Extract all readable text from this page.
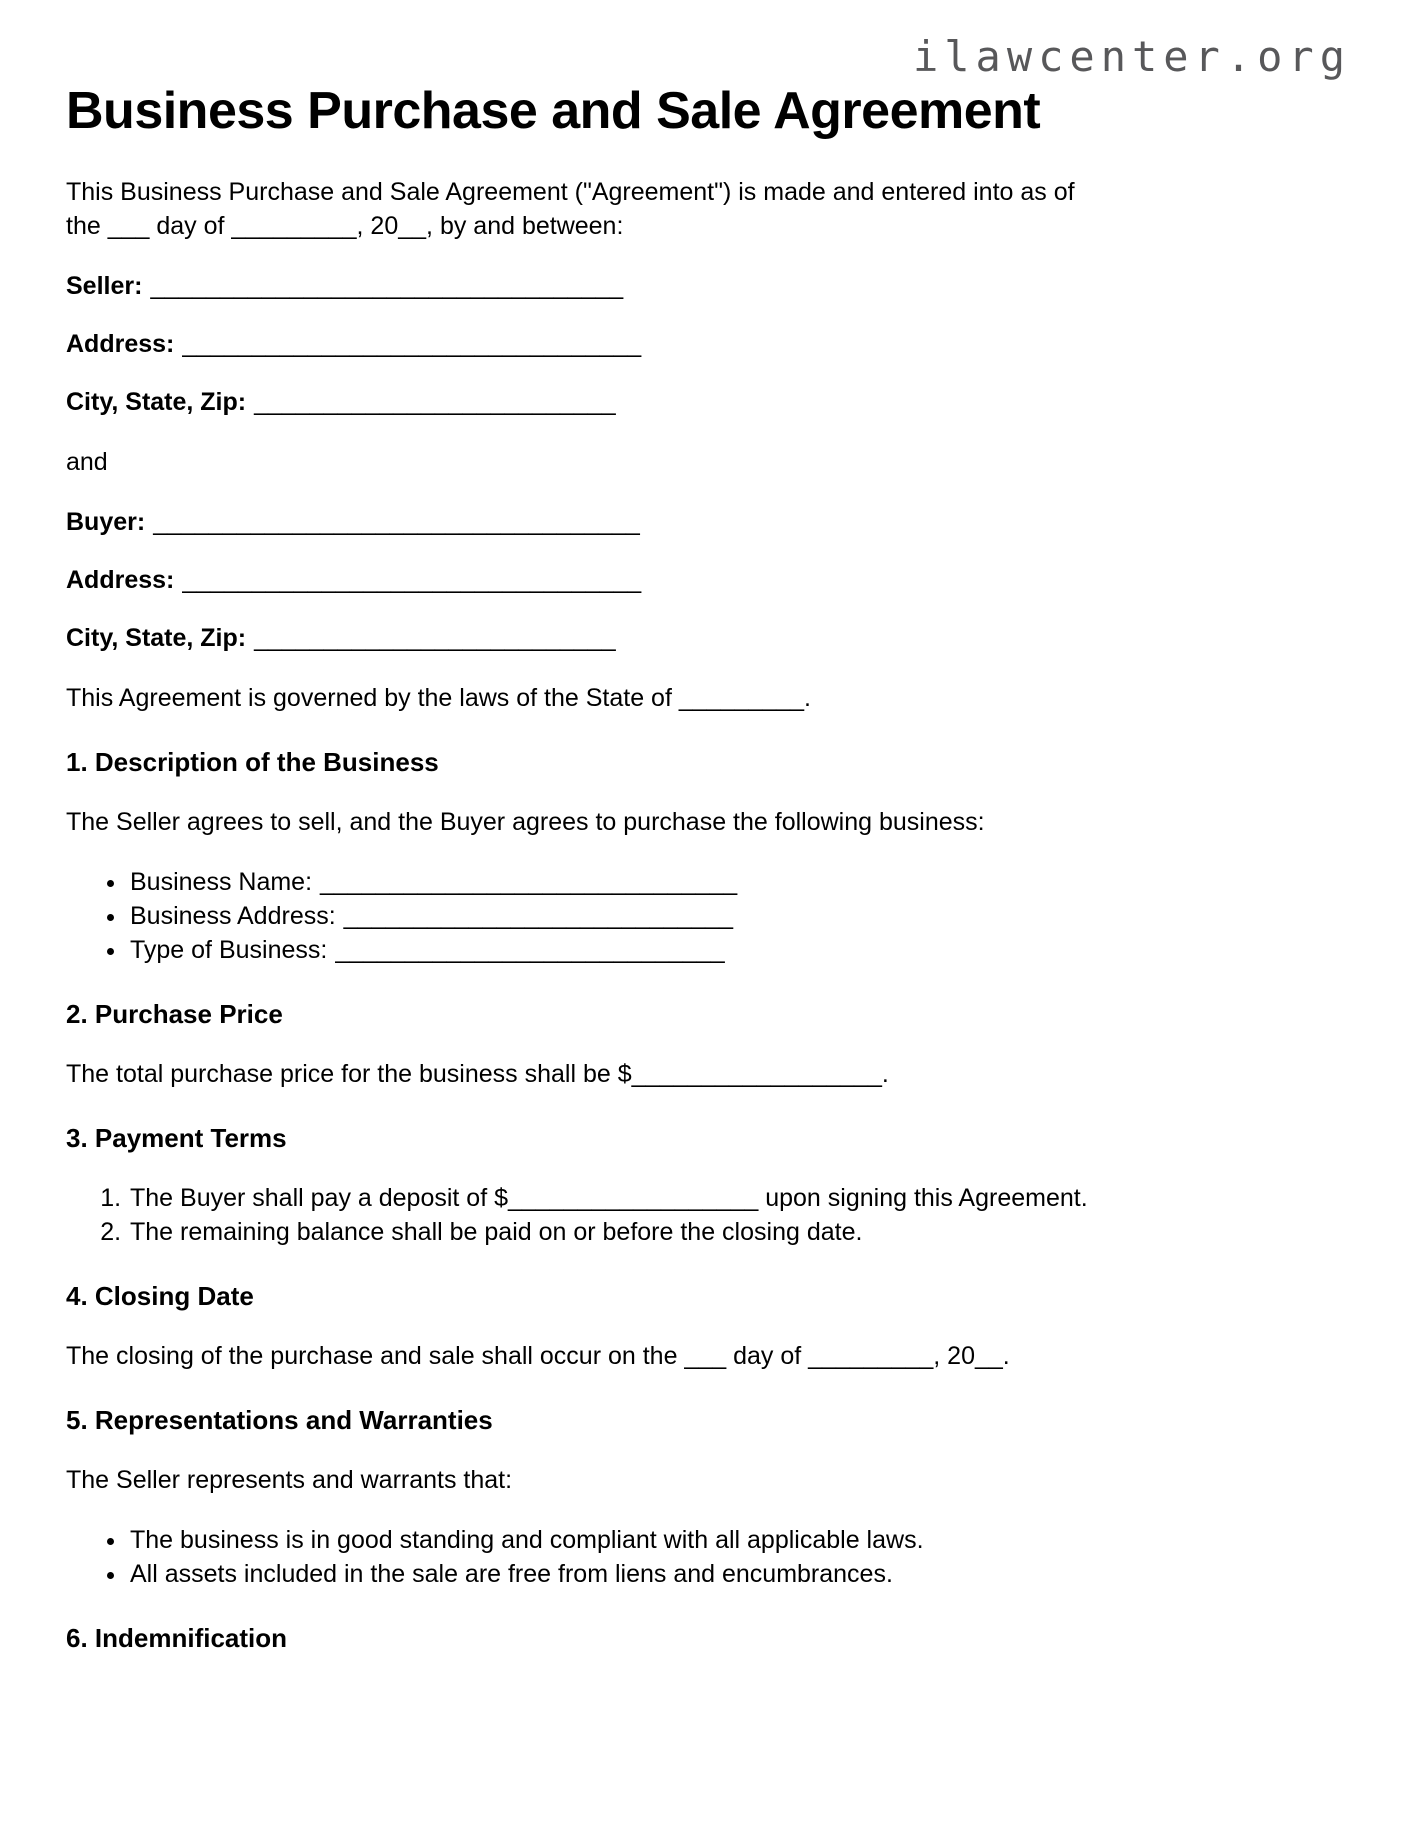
ilawcenter.org
Business Purchase and Sale Agreement

This Business Purchase and Sale Agreement ("Agreement") is made and entered into as of
the ___ day of _________, 20__, by and between:

Seller: __________________________________

Address: _________________________________

City, State, Zip: __________________________

and

Buyer: ___________________________________

Address: _________________________________

City, State, Zip: __________________________

This Agreement is governed by the laws of the State of _________.

1. Description of the Business

The Seller agrees to sell, and the Buyer agrees to purchase the following business:

• Business Name: ______________________________
• Business Address: ____________________________
• Type of Business: ____________________________
2. Purchase Price

The total purchase price for the business shall be $__________________.

3. Payment Terms
1. The Buyer shall pay a deposit of $__________________ upon signing this Agreement.
2. The remaining balance shall be paid on or before the closing date.
4. Closing Date

The closing of the purchase and sale shall occur on the ___ day of _________, 20__.

5. Representations and Warranties

The Seller represents and warrants that:

• The business is in good standing and compliant with all applicable laws.
• All assets included in the sale are free from liens and encumbrances.
6. Indemnification
